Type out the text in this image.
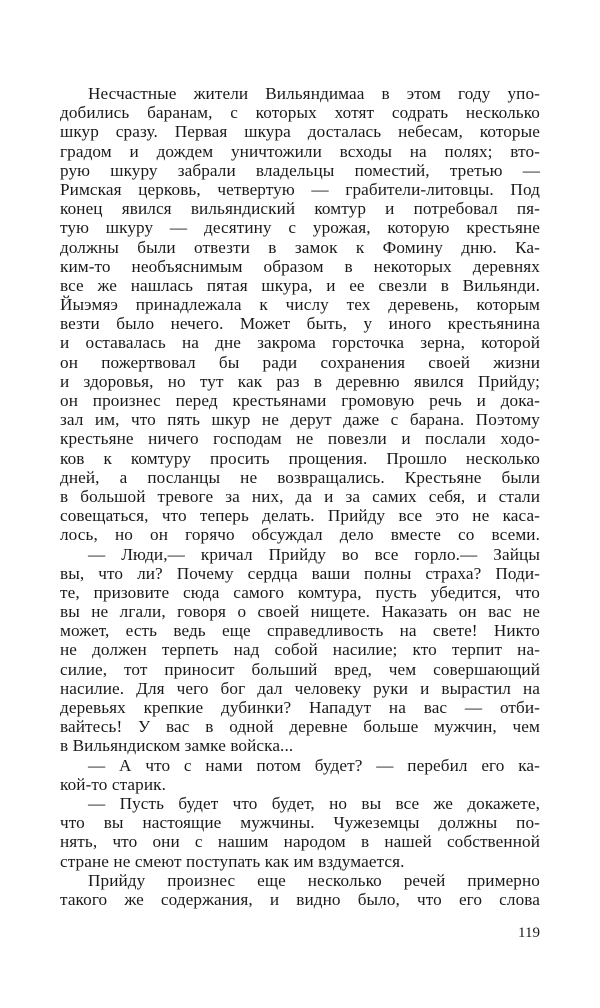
Несчастные жители Вильяндимаа в этом году упо-
добились баранам, с которых хотят содрать несколько
шкур сразу. Первая шкура досталась небесам, которые
градом и дождем уничтожили всходы на полях; вто-
рую шкуру забрали владельцы поместий, третью —
Римская церковь, четвертую — грабители-литовцы. Под
конец явился вильяндиский комтур и потребовал пя-
тую шкуру — десятину с урожая, которую крестьяне
должны были отвезти в замок к Фомину дню. Ка-
ким-то необъяснимым образом в некоторых деревнях
все же нашлась пятая шкура, и ее свезли в Вильянди.
Йыэмяэ принадлежала к числу тех деревень, которым
везти было нечего. Может быть, у иного крестьянина
и оставалась на дне закрома горсточка зерна, которой
он пожертвовал бы ради сохранения своей жизни
и здоровья, но тут как раз в деревню явился Прийду;
он произнес перед крестьянами громовую речь и дока-
зал им, что пять шкур не дерут даже с барана. Поэтому
крестьяне ничего господам не повезли и послали ходо-
ков к комтуру просить прощения. Прошло несколько
дней, а посланцы не возвращались. Крестьяне были
в большой тревоге за них, да и за самих себя, и стали
совещаться, что теперь делать. Прийду все это не каса-
лось, но он горячо обсуждал дело вместе со всеми.
— Люди,— кричал Прийду во все горло.— Зайцы
вы, что ли? Почему сердца ваши полны страха? Поди-
те, призовите сюда самого комтура, пусть убедится, что
вы не лгали, говоря о своей нищете. Наказать он вас не
может, есть ведь еще справедливость на свете! Никто
не должен терпеть над собой насилие; кто терпит на-
силие, тот приносит больший вред, чем совершающий
насилие. Для чего бог дал человеку руки и вырастил на
деревьях крепкие дубинки? Нападут на вас — отби-
вайтесь! У вас в одной деревне больше мужчин, чем
в Вильяндиском замке войска...
— А что с нами потом будет? — перебил его ка-
кой-то старик.
— Пусть будет что будет, но вы все же докажете,
что вы настоящие мужчины. Чужеземцы должны по-
нять, что они с нашим народом в нашей собственной
стране не смеют поступать как им вздумается.
Прийду произнес еще несколько речей примерно
такого же содержания, и видно было, что его слова
119
